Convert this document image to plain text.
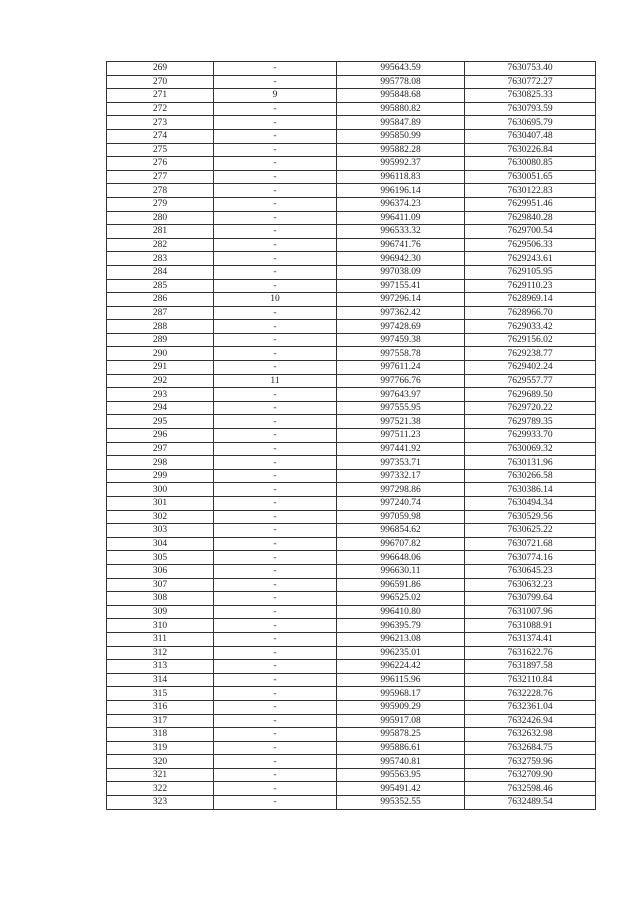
269	-	995643.59	7630753.40
270	-	995778.08	7630772.27
271	9	995848.68	7630825.33
272	-	995880.82	7630793.59
273	-	995847.89	7630695.79
274	-	995850.99	7630407.48
275	-	995882.28	7630226.84
276	-	995992.37	7630080.85
277	-	996118.83	7630051.65
278	-	996196.14	7630122.83
279	-	996374.23	7629951.46
280	-	996411.09	7629840.28
281	-	996533.32	7629700.54
282	-	996741.76	7629506.33
283	-	996942.30	7629243.61
284	-	997038.09	7629105.95
285	-	997155.41	7629110.23
286	10	997296.14	7628969.14
287	-	997362.42	7628966.70
288	-	997428.69	7629033.42
289	-	997459.38	7629156.02
290	-	997558.78	7629238.77
291	-	997611.24	7629402.24
292	11	997766.76	7629557.77
293	-	997643.97	7629689.50
294	-	997555.95	7629720.22
295	-	997521.38	7629789.35
296	-	997511.23	7629933.70
297	-	997441.92	7630069.32
298	-	997353.71	7630131.96
299	-	997332.17	7630266.58
300	-	997298.86	7630386.14
301	-	997240.74	7630494.34
302	-	997059.98	7630529.56
303	-	996854.62	7630625.22
304	-	996707.82	7630721.68
305	-	996648.06	7630774.16
306	-	996630.11	7630645.23
307	-	996591.86	7630632.23
308	-	996525.02	7630799.64
309	-	996410.80	7631007.96
310	-	996395.79	7631088.91
311	-	996213.08	7631374.41
312	-	996235.01	7631622.76
313	-	996224.42	7631897.58
314	-	996115.96	7632110.84
315	-	995968.17	7632228.76
316	-	995909.29	7632361.04
317	-	995917.08	7632426.94
318	-	995878.25	7632632.98
319	-	995886.61	7632684.75
320	-	995740.81	7632759.96
321	-	995563.95	7632709.90
322	-	995491.42	7632598.46
323	-	995352.55	7632489.54
